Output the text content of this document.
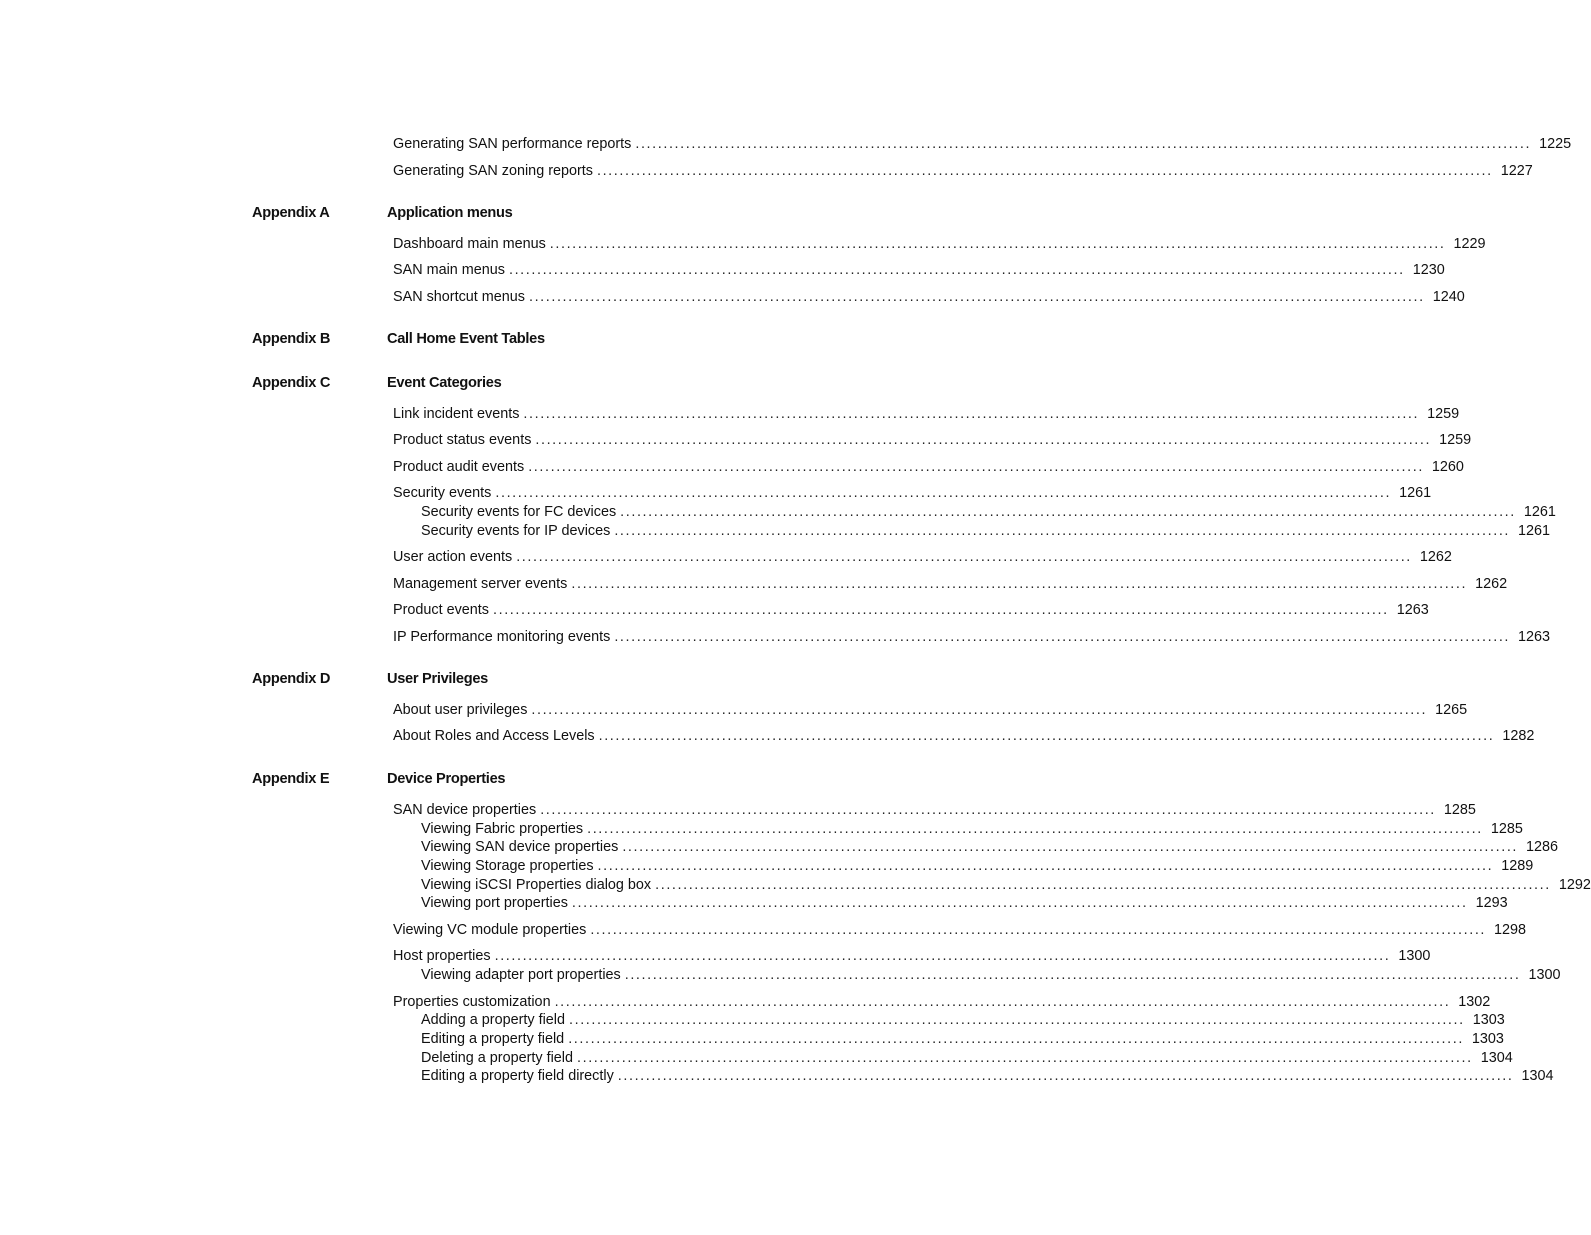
Generating SAN performance reports ................................................................................................................................................................ 1225
Generating SAN zoning reports ................................................................................................................................................................ 1227
Appendix A	Application menus
Dashboard main menus ................................................................................................................................................................ 1229
SAN main menus ................................................................................................................................................................ 1230
SAN shortcut menus ................................................................................................................................................................ 1240
Appendix B	Call Home Event Tables
Appendix C	Event Categories
Link incident events ................................................................................................................................................................ 1259
Product status events ................................................................................................................................................................ 1259
Product audit events ................................................................................................................................................................ 1260
Security events ................................................................................................................................................................ 1261
Security events for FC devices ................................................................................................................................................................ 1261
Security events for IP devices ................................................................................................................................................................ 1261
User action events ................................................................................................................................................................ 1262
Management server events ................................................................................................................................................................ 1262
Product events ................................................................................................................................................................ 1263
IP Performance monitoring events ................................................................................................................................................................ 1263
Appendix D	User Privileges
About user privileges ................................................................................................................................................................ 1265
About Roles and Access Levels ................................................................................................................................................................ 1282
Appendix E	Device Properties
SAN device properties ................................................................................................................................................................ 1285
Viewing Fabric properties ................................................................................................................................................................ 1285
Viewing SAN device properties ................................................................................................................................................................ 1286
Viewing Storage properties ................................................................................................................................................................ 1289
Viewing iSCSI Properties dialog box ................................................................................................................................................................ 1292
Viewing port properties ................................................................................................................................................................ 1293
Viewing VC module properties ................................................................................................................................................................ 1298
Host properties ................................................................................................................................................................ 1300
Viewing adapter port properties ................................................................................................................................................................ 1300
Properties customization ................................................................................................................................................................ 1302
Adding a property field ................................................................................................................................................................ 1303
Editing a property field ................................................................................................................................................................ 1303
Deleting a property field ................................................................................................................................................................ 1304
Editing a property field directly ................................................................................................................................................................ 1304
